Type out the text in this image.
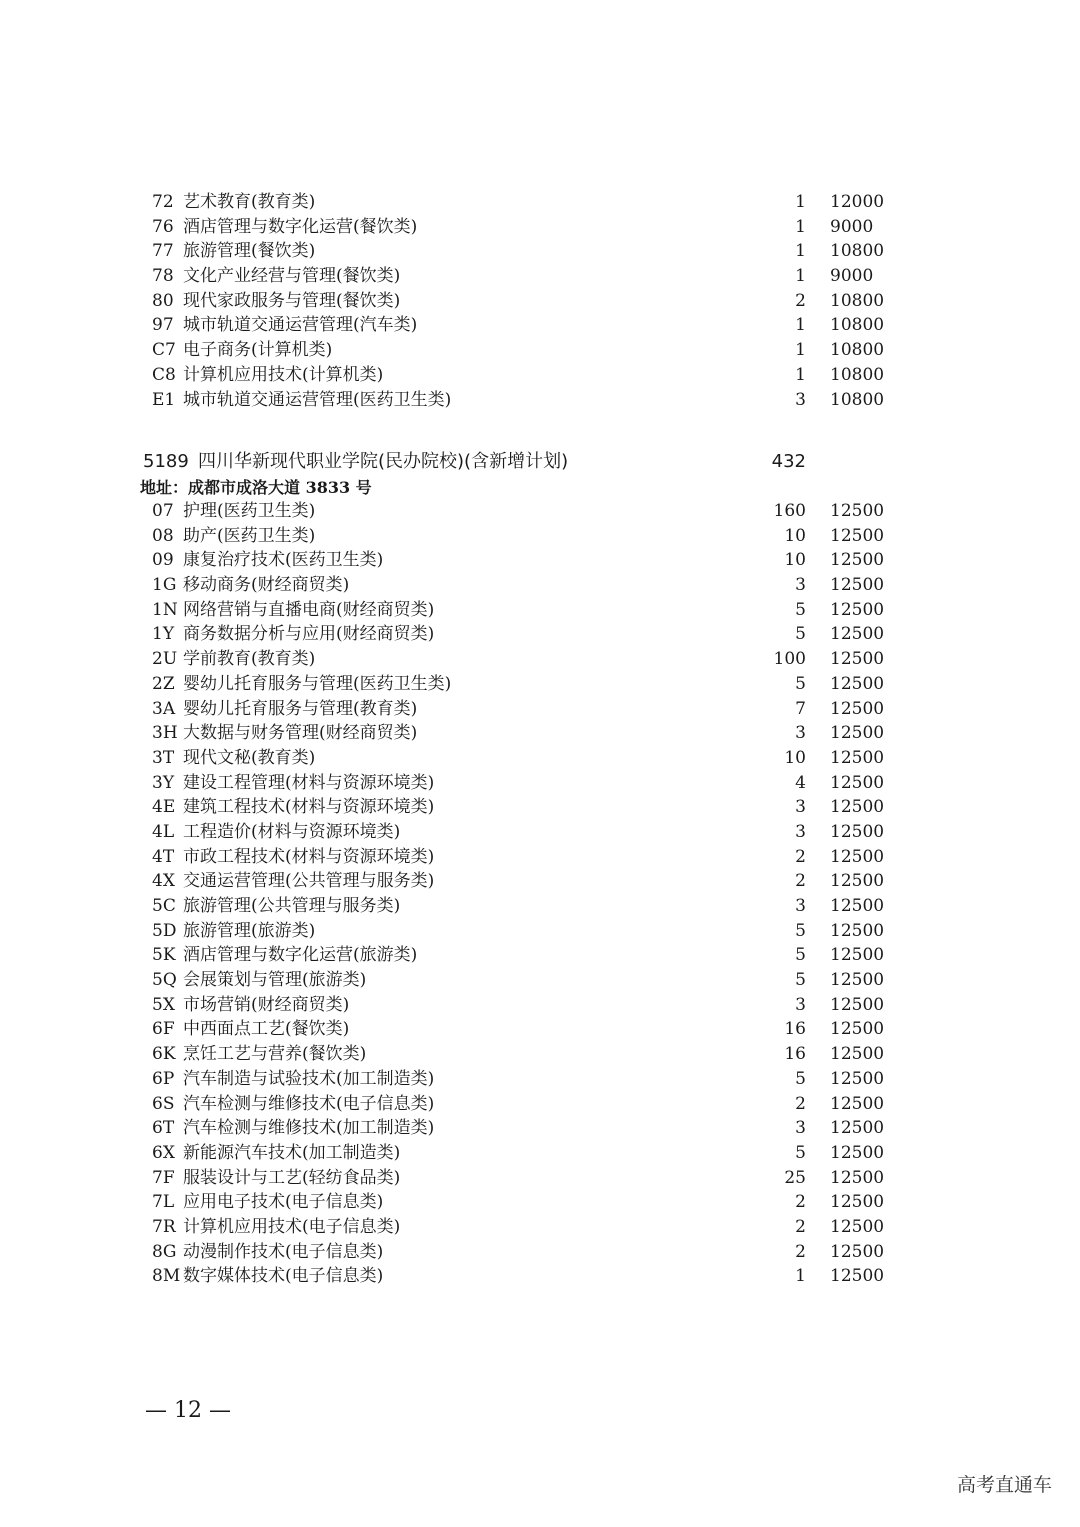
72 艺术教育(教育类)	1 12000
76 酒店管理与数字化运营(餐饮类)	1 9000
77 旅游管理(餐饮类)	1 10800
78 文化产业经营与管理(餐饮类)	1 9000
80 现代家政服务与管理(餐饮类)	2 10800
97 城市轨道交通运营管理(汽车类)	1 10800
C7 电子商务(计算机类)	1 10800
C8 计算机应用技术(计算机类)	1 10800
E1 城市轨道交通运营管理(医药卫生类)	3 10800
5189 四川华新现代职业学院(民办院校)(含新增计划)	432
地址：成都市成洛大道 3833 号
07 护理(医药卫生类)	160 12500
08 助产(医药卫生类)	10 12500
09 康复治疗技术(医药卫生类)	10 12500
1G 移动商务(财经商贸类)	3 12500
1N 网络营销与直播电商(财经商贸类)	5 12500
1Y 商务数据分析与应用(财经商贸类)	5 12500
2U 学前教育(教育类)	100 12500
2Z 婴幼儿托育服务与管理(医药卫生类)	5 12500
3A 婴幼儿托育服务与管理(教育类)	7 12500
3H 大数据与财务管理(财经商贸类)	3 12500
3T 现代文秘(教育类)	10 12500
3Y 建设工程管理(材料与资源环境类)	4 12500
4E 建筑工程技术(材料与资源环境类)	3 12500
4L 工程造价(材料与资源环境类)	3 12500
4T 市政工程技术(材料与资源环境类)	2 12500
4X 交通运营管理(公共管理与服务类)	2 12500
5C 旅游管理(公共管理与服务类)	3 12500
5D 旅游管理(旅游类)	5 12500
5K 酒店管理与数字化运营(旅游类)	5 12500
5Q 会展策划与管理(旅游类)	5 12500
5X 市场营销(财经商贸类)	3 12500
6F 中西面点工艺(餐饮类)	16 12500
6K 烹饪工艺与营养(餐饮类)	16 12500
6P 汽车制造与试验技术(加工制造类)	5 12500
6S 汽车检测与维修技术(电子信息类)	2 12500
6T 汽车检测与维修技术(加工制造类)	3 12500
6X 新能源汽车技术(加工制造类)	5 12500
7F 服装设计与工艺(轻纺食品类)	25 12500
7L 应用电子技术(电子信息类)	2 12500
7R 计算机应用技术(电子信息类)	2 12500
8G 动漫制作技术(电子信息类)	2 12500
8M 数字媒体技术(电子信息类)	1 12500
— 12 —
高考直通车
